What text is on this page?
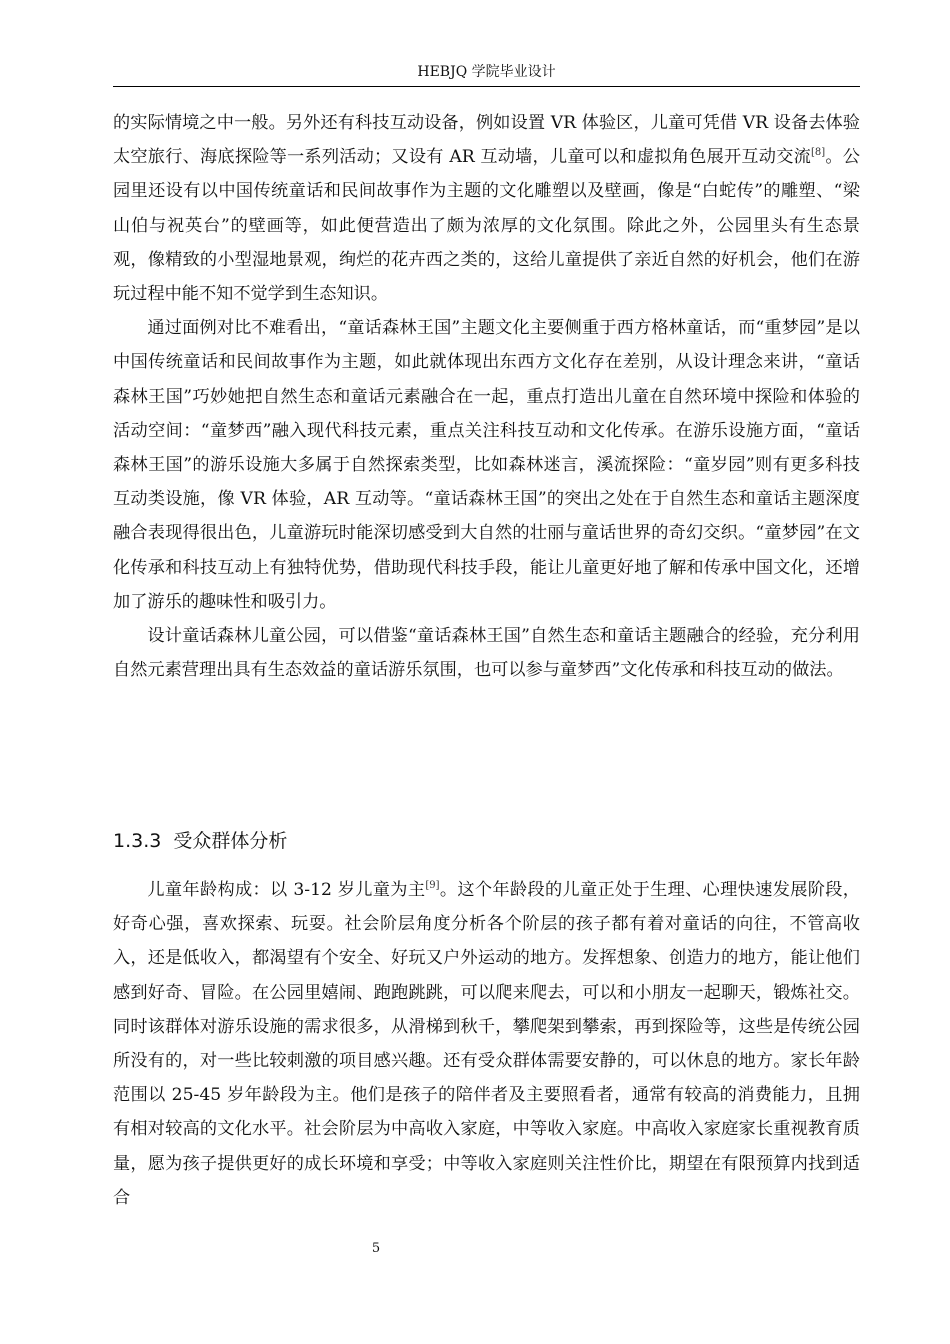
HEBJQ 学院毕业设计

的实际情境之中一般。另外还有科技互动设备，例如设置 VR 体验区，儿童可凭借 VR 设备去体验太空旅行、海底探险等一系列活动；又设有 AR 互动墙，儿童可以和虚拟角色展开互动交流[8]。公园里还设有以中国传统童话和民间故事作为主题的文化雕塑以及壁画，像是“白蛇传”的雕塑、“梁山伯与祝英台”的壁画等，如此便营造出了颇为浓厚的文化氛围。除此之外，公园里头有生态景观，像精致的小型湿地景观，绚烂的花卉西之类的，这给儿童提供了亲近自然的好机会，他们在游玩过程中能不知不觉学到生态知识。

通过面例对比不难看出，“童话森林王国”主题文化主要侧重于西方格林童话，而“重梦园”是以中国传统童话和民间故事作为主题，如此就体现出东西方文化存在差别，从设计理念来讲，“童话森林王国”巧妙她把自然生态和童话元素融合在一起，重点打造出儿童在自然环境中探险和体验的活动空间：“童梦西”融入现代科技元素，重点关注科技互动和文化传承。在游乐设施方面，“童话森林王国”的游乐设施大多属于自然探索类型，比如森林迷言，溪流探险：“童岁园”则有更多科技互动类设施，像 VR 体验，AR 互动等。“童话森林王国”的突出之处在于自然生态和童话主题深度融合表现得很出色，儿童游玩时能深切感受到大自然的壮丽与童话世界的奇幻交织。“童梦园”在文化传承和科技互动上有独特优势，借助现代科技手段，能让儿童更好地了解和传承中国文化，还增加了游乐的趣味性和吸引力。

设计童话森林儿童公园，可以借鉴“童话森林王国”自然生态和童话主题融合的经验，充分利用自然元素营理出具有生态效益的童话游乐氛围，也可以参与童梦西”文化传承和科技互动的做法。

1.3.3 受众群体分析

儿童年龄构成：以 3-12 岁儿童为主[9]。这个年龄段的儿童正处于生理、心理快速发展阶段，好奇心强，喜欢探索、玩耍。社会阶层角度分析各个阶层的孩子都有着对童话的向往，不管高收入，还是低收入，都渴望有个安全、好玩又户外运动的地方。发挥想象、创造力的地方，能让他们感到好奇、冒险。在公园里嬉闹、跑跑跳跳，可以爬来爬去，可以和小朋友一起聊天，锻炼社交。同时该群体对游乐设施的需求很多，从滑梯到秋千，攀爬架到攀索，再到探险等，这些是传统公园所没有的，对一些比较刺激的项目感兴趣。还有受众群体需要安静的，可以休息的地方。家长年龄范围以 25-45 岁年龄段为主。他们是孩子的陪伴者及主要照看者，通常有较高的消费能力，且拥有相对较高的文化水平。社会阶层为中高收入家庭，中等收入家庭。中高收入家庭家长重视教育质量，愿为孩子提供更好的成长环境和享受；中等收入家庭则关注性价比，期望在有限预算内找到适合

5
